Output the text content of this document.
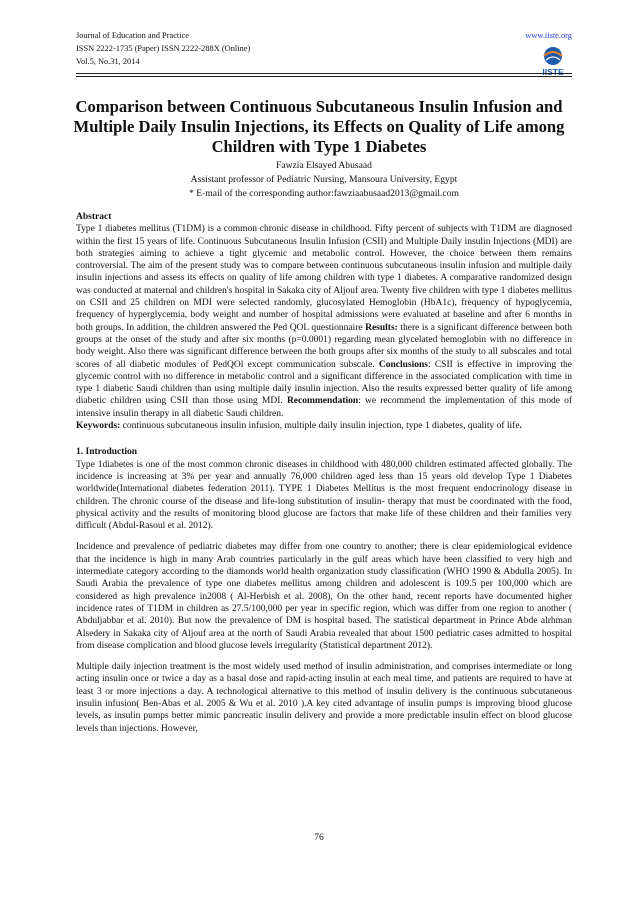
Journal of Education and Practice
ISSN 2222-1735 (Paper) ISSN 2222-288X (Online)
Vol.5, No.31, 2014
www.iiste.org
IISTE
Comparison between Continuous Subcutaneous Insulin Infusion and Multiple Daily Insulin Injections, its Effects on Quality of Life among Children with Type 1 Diabetes
Fawzia Elsayed Abusaad
Assistant professor of Pediatric Nursing, Mansoura University, Egypt
* E-mail of the corresponding author:fawziaabusaad2013@gmail.com

Abstract

Type 1 diabetes mellitus (T1DM) is a common chronic disease in childhood. Fifty percent of subjects with T1DM are diagnosed within the first 15 years of life. Continuous Subcutaneous Insulin Infusion (CSII) and Multiple Daily insulin Injections (MDI) are both strategies aiming to achieve a tight glycemic and metabolic control. However, the choice between them remains controversial. The aim of the present study was to compare between continuous subcutaneous insulin infusion and multiple daily insulin injections and assess its effects on quality of life among children with type 1 diabetes. A comparative randomized design was conducted at maternal and children's hospital in Sakaka city of Aljouf area. Twenty five children with type 1 diabetes mellitus on CSII and 25 children on MDI were selected randomly, glucosylated Hemoglobin (HbA1c), frequency of hypoglycemia, frequency of hyperglycemia, body weight and number of hospital admissions were evaluated at baseline and after 6 months in both groups. In addition, the children answered the Ped QOL questionnaire Results: there is a significant difference between both groups at the onset of the study and after six months (p=0.0001) regarding mean glycelated hemoglobin with no difference in body weight. Also there was significant difference between the both groups after six months of the study to all subscales and total scores of all diabetic modules of PedQOl except communication subscale. Conclusions: CSII is effective in improving the glycemic control with no difference in metabolic control and a significant difference in the associated complication with time in type 1 diabetic Saudi children than using multiple daily insulin injection. Also the results expressed better quality of life among diabetic children using CSII than those using MDI. Recommendation: we recommend the implementation of this mode of intensive insulin therapy in all diabetic Saudi children.

Keywords: continuous subcutaneous insulin infusion, multiple daily insulin injection, type 1 diabetes, quality of life.

1. Introduction

Type 1diabetes is one of the most common chronic diseases in childhood with 480,000 children estimated affected globally. The incidence is increasing at 3% per year and annually 76,000 children aged less than 15 years old develop Type 1 Diabetes worldwide(International diabetes federation 2011). TYPE 1 Diabetes Mellitus is the most frequent endocrinology disease in children. The chronic course of the disease and life-long substitution of insulin- therapy that must be coordinated with the food, physical activity and the results of monitoring blood glucose are factors that make life of these children and their families very difficult (Abdul-Rasoul et al. 2012).

Incidence and prevalence of pediatric diabetes may differ from one country to another; there is clear epidemiological evidence that the incidence is high in many Arab countries particularly in the gulf areas which have been classified to very high and intermediate category according to the diamonds world health organization study classification (WHO 1990 & Abdulla 2005). In Saudi Arabia the prevalence of type one diabetes mellitus among children and adolescent is 109.5 per 100,000 which are considered as high prevalence in2008 ( Al-Herbish et al. 2008), On the other hand, recent reports have documented higher incidence rates of T1DM in children as 27.5/100,000 per year in specific region, which was differ from one region to another ( Abduljabbar et al. 2010). But now the prevalence of DM is hospital based. The statistical department in Prince Abde alrhman Alsedery in Sakaka city of Aljouf area at the north of Saudi Arabia revealed that about 1500 pediatric cases admitted to hospital from disease complication and blood glucose levels irregularity (Statistical department 2012).

Multiple daily injection treatment is the most widely used method of insulin administration, and comprises intermediate or long acting insulin once or twice a day as a basal dose and rapid-acting insulin at each meal time, and patients are required to have at least 3 or more injections a day. A technological alternative to this method of insulin delivery is the continuous subcutaneous insulin infusion( Ben-Abas et al. 2005 & Wu et al. 2010 ).A key cited advantage of insulin pumps is improving blood glucose levels, as insulin pumps better mimic pancreatic insulin delivery and provide a more predictable insulin effect on blood glucose levels than injections. However,

76
